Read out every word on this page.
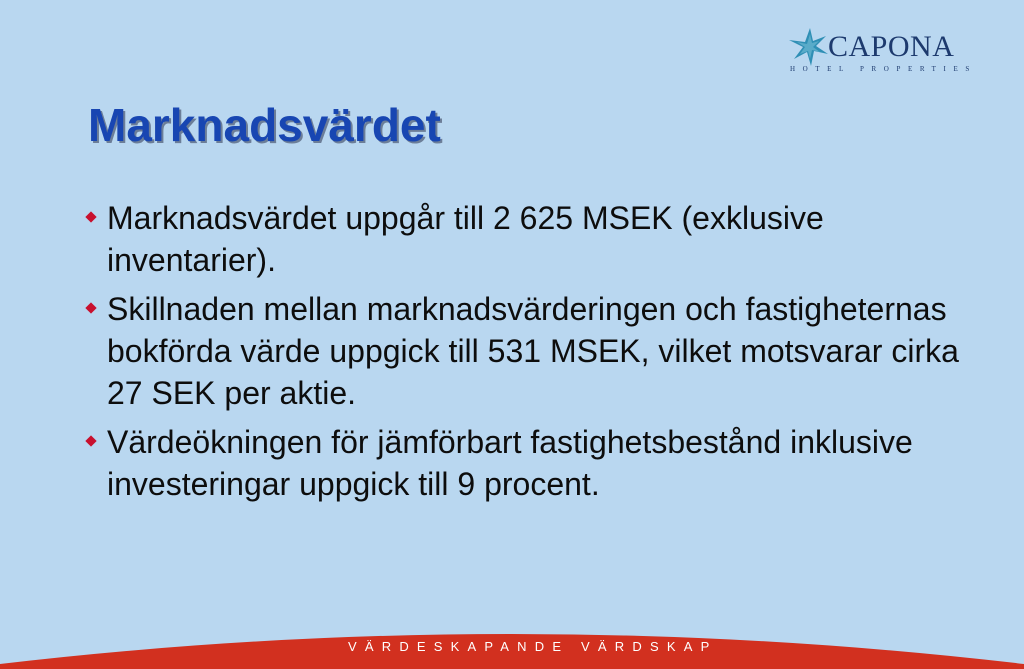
CAPONA
HOTEL PROPERTIES
Marknadsvärdet
Marknadsvärdet uppgår till 2 625 MSEK (exklusive inventarier).
Skillnaden mellan marknadsvärderingen och fastigheternas bokförda värde uppgick till 531 MSEK, vilket motsvarar cirka 27 SEK per aktie.
Värdeökningen för jämförbart fastighetsbestånd inklusive investeringar uppgick till 9 procent.
VÄRDESKAPANDE VÄRDSKAP
